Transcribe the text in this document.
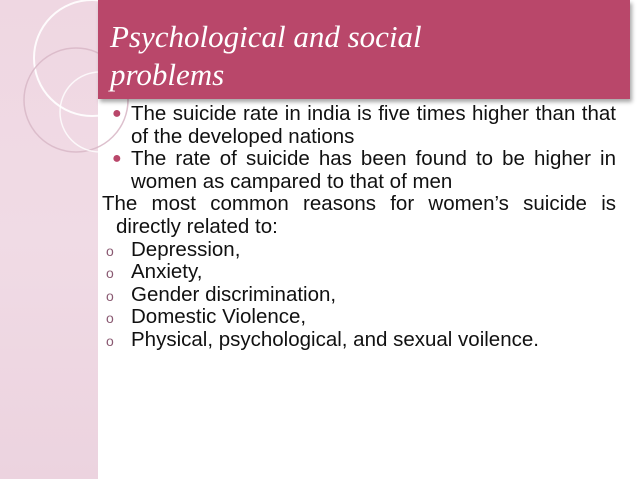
Psychological and social
problems
● The suicide rate in india is five times higher than that of the developed nations
● The rate of suicide has been found to be higher in women as campared to that of men
The most common reasons for women’s suicide is directly related to:
o Depression,
o Anxiety,
o Gender discrimination,
o Domestic Violence,
o Physical, psychological, and sexual voilence.
